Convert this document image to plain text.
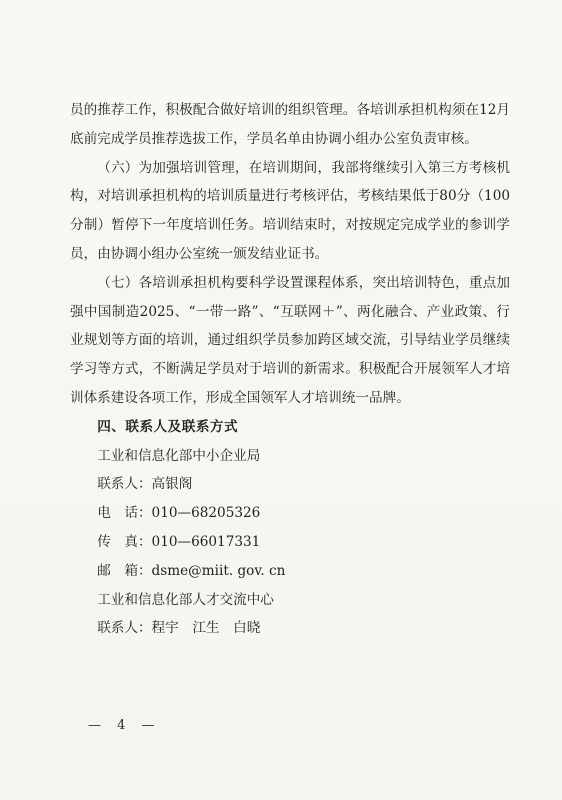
员的推荐工作，积极配合做好培训的组织管理。各培训承担机构须在12月底前完成学员推荐选拔工作，学员名单由协调小组办公室负责审核。

（六）为加强培训管理，在培训期间，我部将继续引入第三方考核机构，对培训承担机构的培训质量进行考核评估，考核结果低于80分（100分制）暂停下一年度培训任务。培训结束时，对按规定完成学业的参训学员，由协调小组办公室统一颁发结业证书。

（七）各培训承担机构要科学设置课程体系，突出培训特色，重点加强中国制造2025、“一带一路”、“互联网＋”、两化融合、产业政策、行业规划等方面的培训，通过组织学员参加跨区域交流，引导结业学员继续学习等方式，不断满足学员对于培训的新需求。积极配合开展领军人才培训体系建设各项工作，形成全国领军人才培训统一品牌。

四、联系人及联系方式

工业和信息化部中小企业局

联系人：高银阁

电　话：010—68205326

传　真：010—66017331

邮　箱：dsme@miit. gov. cn

工业和信息化部人才交流中心

联系人：程宇　江生　白晓

— 4 —
